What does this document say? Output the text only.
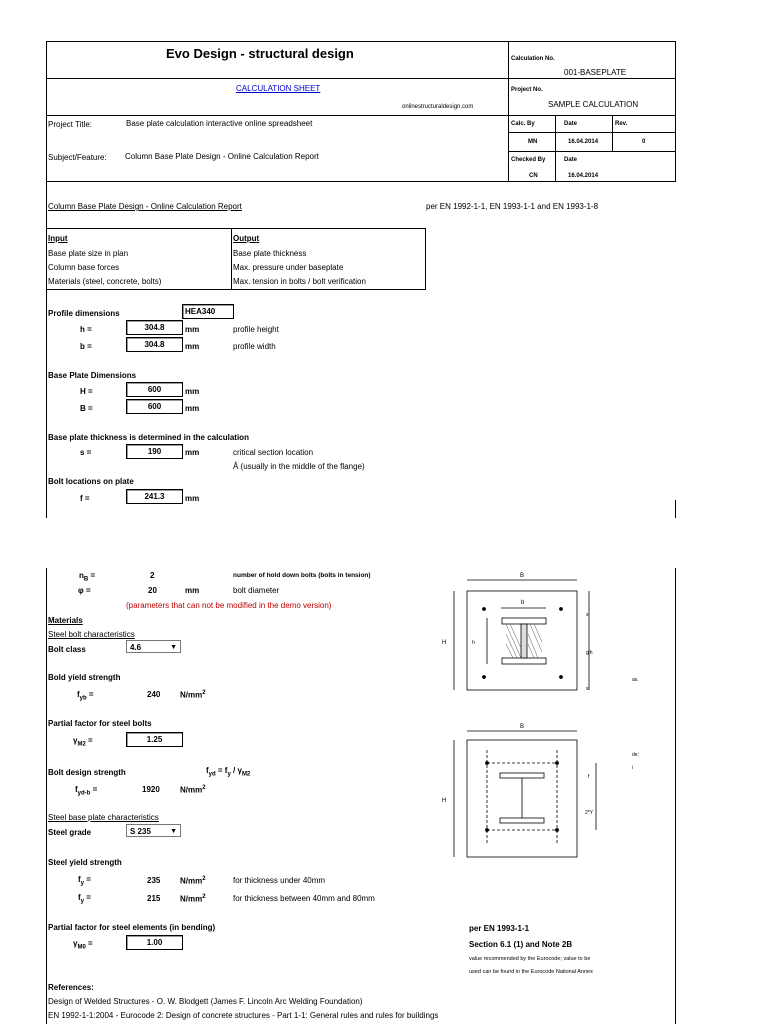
Evo Design - structural design	Calculation No.
001-BASEPLATE
CALCULATION SHEET
onlinestructuraldesign.com
Project No.
SAMPLE CALCULATION
Project Title:	Base plate calculation interactive online spreadsheet
Subject/Feature: Column Base Plate Design - Online Calculation Report
Calc. By	Date	Rev.
MN	16.04.2014	0
Checked By	Date
CN	16.04.2014
Column Base Plate Design - Online Calculation Report	per EN 1992-1-1, EN 1993-1-1 and EN 1993-1-8
Input	Output
Base plate size in plan	Base plate thickness
Column base forces	Max. pressure under baseplate
Materials (steel, concrete, bolts)	Max. tension in bolts / bolt verification
Profile dimensions	HEA340
h =	304.8	mm	profile height
b =	304.8	mm	profile width
Base Plate Dimensions
H =	600	mm
B =	600	mm
Base plate thickness is determined in the calculation
s =	190	mm	critical section location
Â (usually in the middle of the flange)
Bolt locations on plate
f =	241.3	mm
$n_B$ =	2	number of hold down bolts (bolts in tension)
φ =	20	mm	bolt diameter
(parameters that can not be modified in the demo version)
Materials
Steel bolt characteristics
Bolt class	4.6	▼
Bold yield strength
$f_{yb}$ =	240 $N/mm^2$
Partial factor for steel bolts
$\gamma_{M2}$ =	1.25
Bolt design strength	$f_{yd} = f_y / \gamma_{M2}$
$f_{yd-b}$ =	1920	$N/mm^2$
Steel base plate characteristics
Steel grade	S 235	▼
Steel yield strength
$f_y$ =	235 $N/mm^2$	for thickness under 40mm
$f_y$ =	215 $N/mm^2$	for thickness between 40mm and 80mm
Partial factor for steel elements (in bending)
$\gamma_{M0}$ =	1.00
per EN 1993-1-1
Section 6.1 (1) and Note 2B
value recommended by the Eurocode; value to be
used can be found in the Eurocode National Annex
References:
Design of Welded Structures - O. W. Blodgett (James F. Lincoln Arc Welding Foundation)
EN 1992-1-1:2004 - Eurocode 2: Design of concrete structures - Part 1-1: General rules and rules for buildings
B
b
H	h
s
g'h
s
as.
B
H
f
2*Y
de;
i
